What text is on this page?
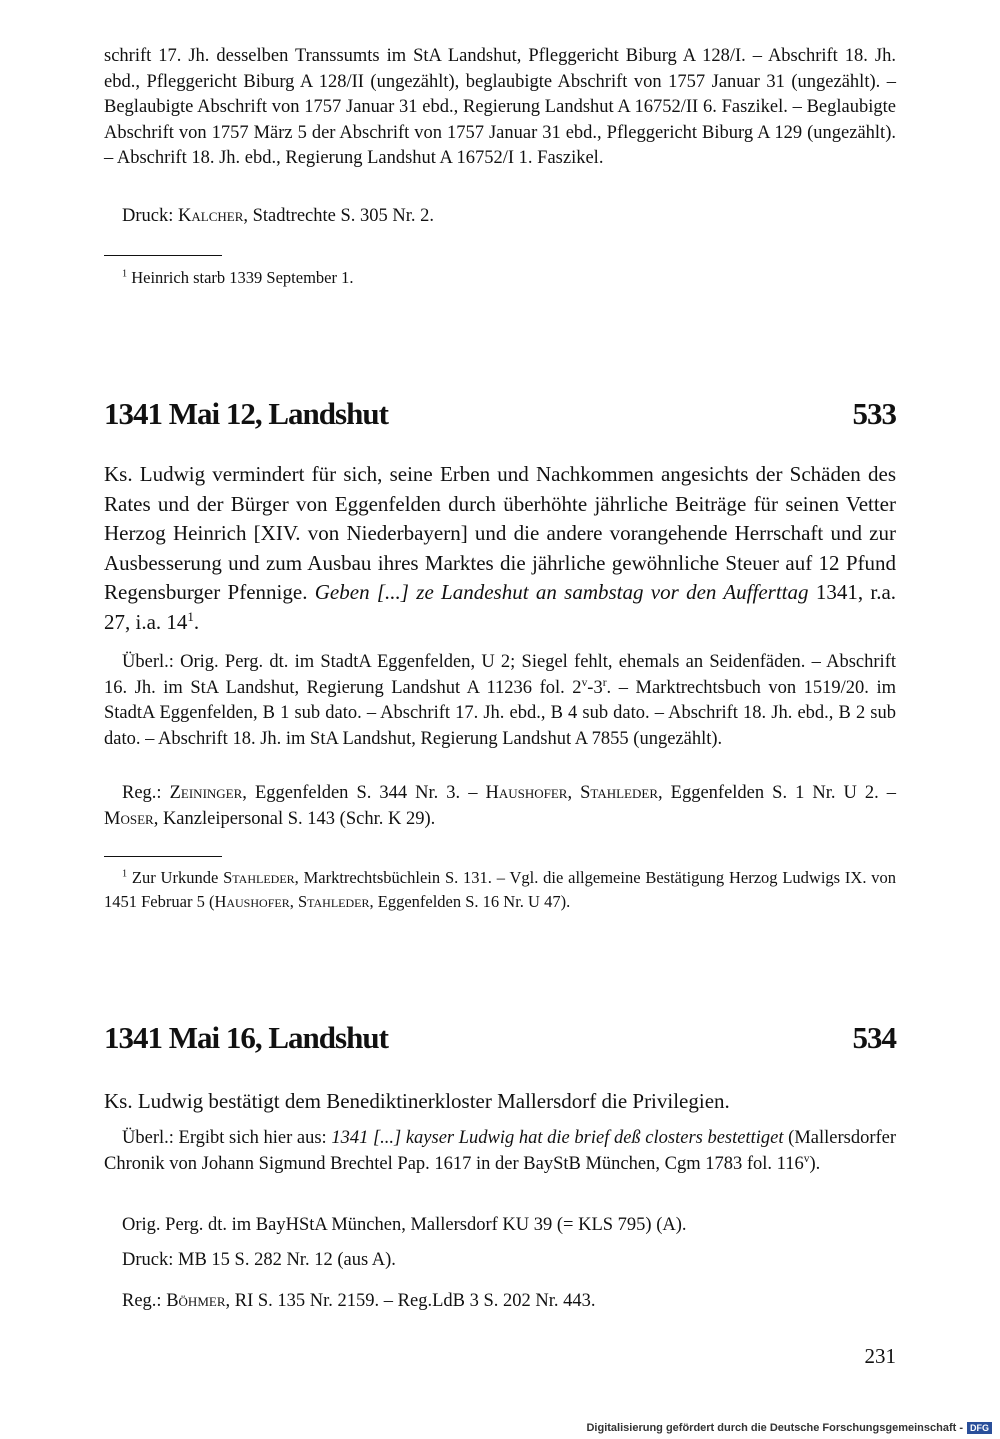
schrift 17. Jh. desselben Transsumts im StA Landshut, Pfleggericht Biburg A 128/I. – Abschrift 18. Jh. ebd., Pfleggericht Biburg A 128/II (ungezählt), beglaubigte Abschrift von 1757 Januar 31 (ungezählt). – Beglaubigte Abschrift von 1757 Januar 31 ebd., Regierung Landshut A 16752/II 6. Faszikel. – Beglaubigte Abschrift von 1757 März 5 der Abschrift von 1757 Januar 31 ebd., Pfleggericht Biburg A 129 (ungezählt). – Abschrift 18. Jh. ebd., Regierung Landshut A 16752/I 1. Faszikel.

Druck: Kalcher, Stadtrechte S. 305 Nr. 2.

$^1$ Heinrich starb 1339 September 1.

1341 Mai 12, Landshut	533

Ks. Ludwig vermindert für sich, seine Erben und Nachkommen angesichts der Schäden des Rates und der Bürger von Eggenfelden durch überhöhte jährliche Beiträge für seinen Vetter Herzog Heinrich [XIV. von Niederbayern] und die andere vorangehende Herrschaft und zur Ausbesserung und zum Ausbau ihres Marktes die jährliche gewöhnliche Steuer auf 12 Pfund Regensburger Pfennige. Geben [...] ze Landeshut an sambstag vor den Aufferttag 1341, r.a. 27, i.a. $14^1$.

Überl.: Orig. Perg. dt. im StadtA Eggenfelden, U 2; Siegel fehlt, ehemals an Seidenfäden. – Abschrift 16. Jh. im StA Landshut, Regierung Landshut A 11236 fol. 2$^v$-3$^r$. – Marktrechtsbuch von 1519/20. im StadtA Eggenfelden, B 1 sub dato. – Abschrift 17. Jh. ebd., B 4 sub dato. – Abschrift 18. Jh. ebd., B 2 sub dato. – Abschrift 18. Jh. im StA Landshut, Regierung Landshut A 7855 (ungezählt).

Reg.: Zeininger, Eggenfelden S. 344 Nr. 3. – Haushofer, Stahleder, Eggenfelden S. 1 Nr. U 2. – Moser, Kanzleipersonal S. 143 (Schr. K 29).

$^1$ Zur Urkunde Stahleder, Marktrechtsbüchlein S. 131. – Vgl. die allgemeine Bestätigung Herzog Ludwigs IX. von 1451 Februar 5 (Haushofer, Stahleder, Eggenfelden S. 16 Nr. U 47).

1341 Mai 16, Landshut	534

Ks. Ludwig bestätigt dem Benediktinerkloster Mallersdorf die Privilegien.

Überl.: Ergibt sich hier aus: 1341 [...] kayser Ludwig hat die brief deß closters bestettiget (Mallersdorfer Chronik von Johann Sigmund Brechtel Pap. 1617 in der BayStB München, Cgm 1783 fol. 116$^v$).

Orig. Perg. dt. im BayHStA München, Mallersdorf KU 39 (= KLS 795) (A).

Druck: MB 15 S. 282 Nr. 12 (aus A).

Reg.: Böhmer, RI S. 135 Nr. 2159. – Reg.LdB 3 S. 202 Nr. 443.

231
Digitalisierung gefördert durch die Deutsche Forschungsgemeinschaft - DFG
